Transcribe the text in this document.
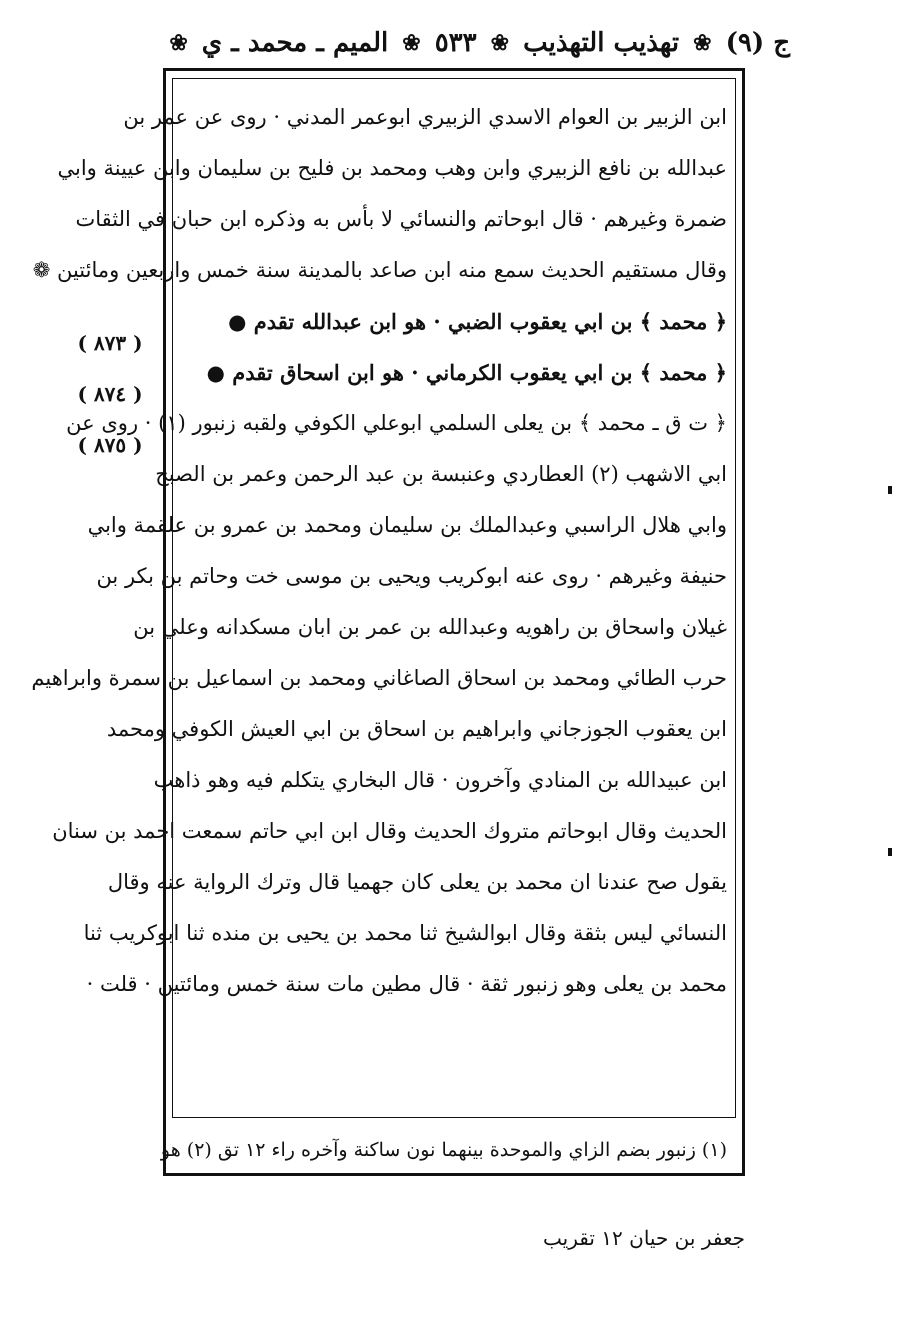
ج (٩)
❀
تهذيب التهذيب
❀
٥٣٣
❀
الميم ـ محمد ـ ي
❀
ابن الزبير بن العوام الاسدي الزبيري ابوعمر المدني · روى عن عمر بن
عبدالله بن نافع الزبيري وابن وهب ومحمد بن فليح بن سليمان وابن عيينة وابي
ضمرة وغيرهم · قال ابوحاتم والنسائي لا بأس به وذكره ابن حبان في الثقات
وقال مستقيم الحديث سمع منه ابن صاعد بالمدينة سنة خمس واربعين ومائتين ❁
﴿ محمد ﴾ بن ابي يعقوب الضبي · هو ابن عبدالله تقدم ●
﴿ محمد ﴾ بن ابي يعقوب الكرماني · هو ابن اسحاق تقدم ●
﴿ ت ق ـ محمد ﴾ بن يعلى السلمي ابوعلي الكوفي ولقبه زنبور (١) · روى عن
ابي الاشهب (٢) العطاردي وعنبسة بن عبد الرحمن وعمر بن الصبح
وابي هلال الراسبي وعبدالملك بن سليمان ومحمد بن عمرو بن علقمة وابي
حنيفة وغيرهم · روى عنه ابوكريب ويحيى بن موسى خت وحاتم بن بكر بن
غيلان واسحاق بن راهويه وعبدالله بن عمر بن ابان مسكدانه وعلي بن
حرب الطائي ومحمد بن اسحاق الصاغاني ومحمد بن اسماعيل بن سمرة وابراهيم
ابن يعقوب الجوزجاني وابراهيم بن اسحاق بن ابي العيش الكوفي ومحمد
ابن عبيدالله بن المنادي وآخرون · قال البخاري يتكلم فيه وهو ذاهب
الحديث وقال ابوحاتم متروك الحديث وقال ابن ابي حاتم سمعت احمد بن سنان
يقول صح عندنا ان محمد بن يعلى كان جهميا قال وترك الرواية عنه وقال
النسائي ليس بثقة وقال ابوالشيخ ثنا محمد بن يحيى بن منده ثنا ابوكريب ثنا
محمد بن يعلى وهو زنبور ثقة · قال مطين مات سنة خمس ومائتين · قلت ·
(١) زنبور بضم الزاي والموحدة بينهما نون ساكنة وآخره راء ١٢ تق (٢) هو
جعفر بن حيان ١٢ تقريب
( ٨٧٣ )
( ٨٧٤ )
( ٨٧٥ )
